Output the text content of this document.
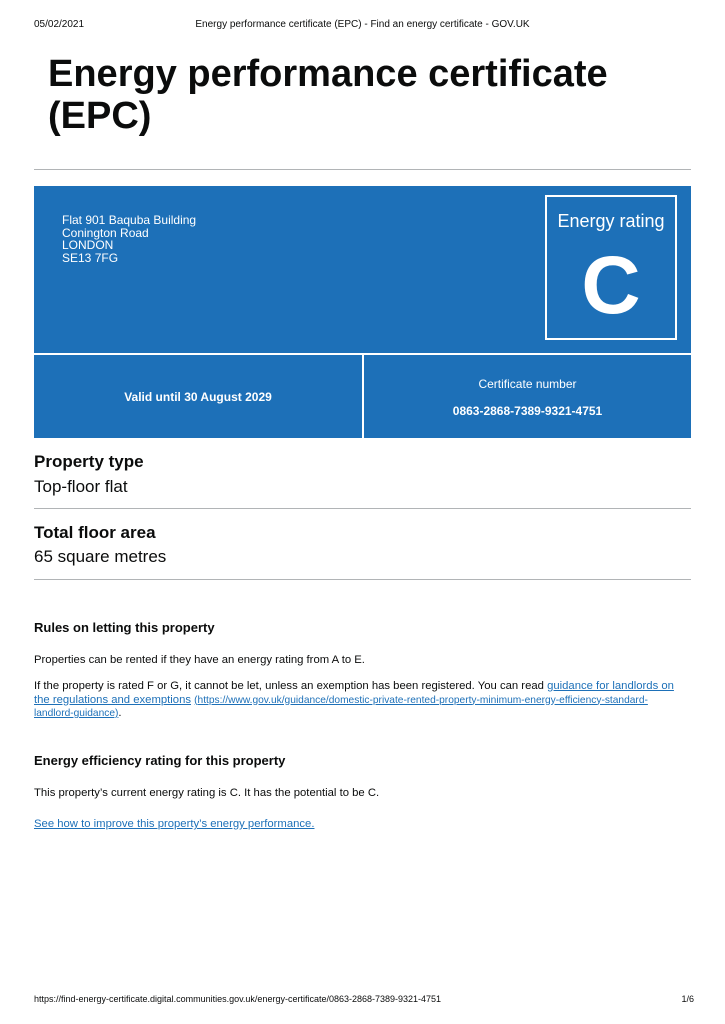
05/02/2021	Energy performance certificate (EPC) - Find an energy certificate - GOV.UK
Energy performance certificate (EPC)
Flat 901 Baquba Building
Conington Road
LONDON
SE13 7FG
Energy rating
C
Valid until 30 August 2029
Certificate number
0863-2868-7389-9321-4751
Property type
Top-floor flat
Total floor area
65 square metres
Rules on letting this property
Properties can be rented if they have an energy rating from A to E.
If the property is rated F or G, it cannot be let, unless an exemption has been registered. You can read guidance for landlords on the regulations and exemptions (https://www.gov.uk/guidance/domestic-private-rented-property-minimum-energy-efficiency-standard-landlord-guidance).
Energy efficiency rating for this property
This property’s current energy rating is C. It has the potential to be C.
See how to improve this property’s energy performance.
https://find-energy-certificate.digital.communities.gov.uk/energy-certificate/0863-2868-7389-9321-4751	1/6
